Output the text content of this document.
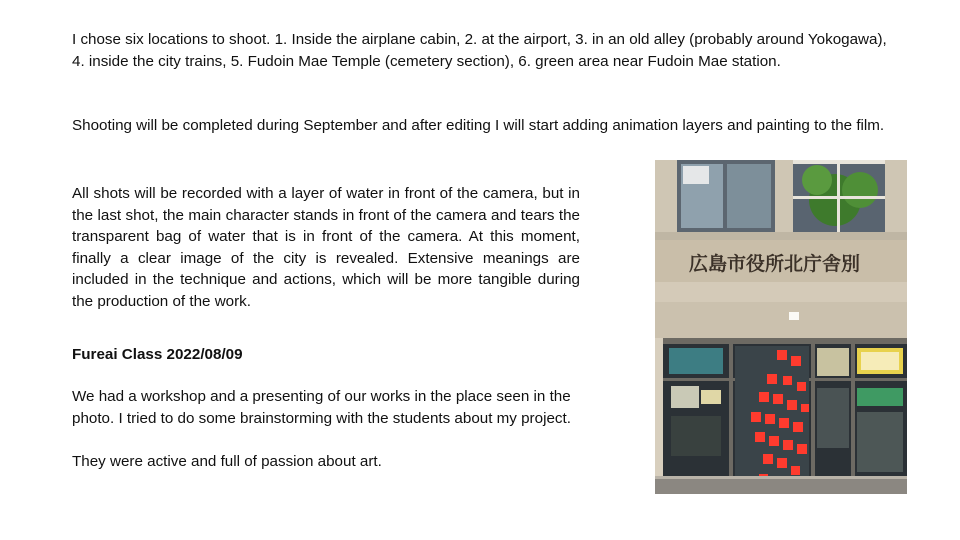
I chose six locations to shoot. 1. Inside the airplane cabin, 2. at the airport, 3. in an old alley (probably around Yokogawa), 4. inside the city trains, 5. Fudoin Mae Temple (cemetery section), 6. green area near Fudoin Mae station.
Shooting will be completed during September and after editing I will start adding animation layers and painting to the film.
All shots will be recorded with a layer of water in front of the camera, but in the last shot, the main character stands in front of the camera and tears the transparent bag of water that is in front of the camera. At this moment, finally a clear image of the city is revealed. Extensive meanings are included in the technique and actions, which will be more tangible during the production of the work.
Fureai Class 2022/08/09
We had a workshop and a presenting of our works in the place seen in the photo. I tried to do some brainstorming with the students about my project.
They were active and full of passion about art.
広島市役所北庁舎別
